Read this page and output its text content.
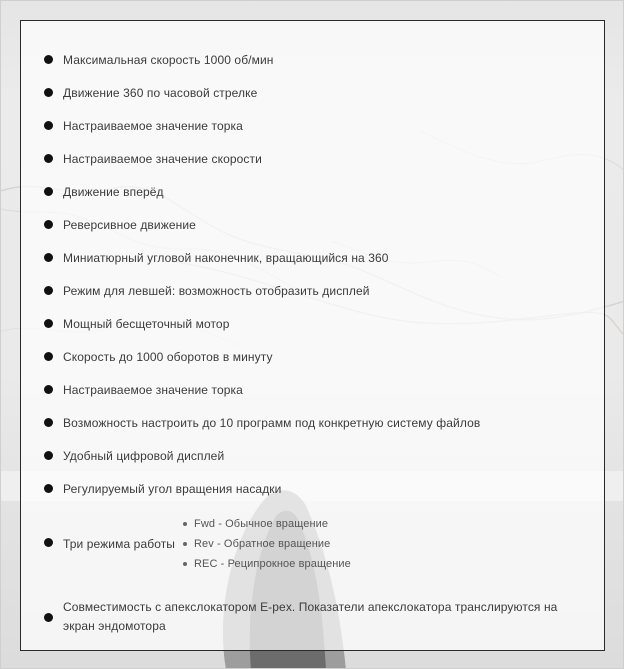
Максимальная скорость 1000 об/мин
Движение 360 по часовой стрелке
Настраиваемое значение торка
Настраиваемое значение скорости
Движение вперёд
Реверсивное движение
Миниатюрный угловой наконечник, вращающийся на 360
Режим для левшей: возможность отобразить дисплей
Мощный бесщеточный мотор
Скорость до 1000 оборотов в минуту
Настраиваемое значение торка
Возможность настроить до 10 программ под конкретную систему файлов
Удобный цифровой дисплей
Регулируемый угол вращения насадки
Три режима работы
Fwd - Обычное вращение
Rev - Обратное вращение
REC - Реципрокное вращение
Совместимость с апекслокатором E-pex. Показатели апекслокатора транслируются на экран эндомотора
